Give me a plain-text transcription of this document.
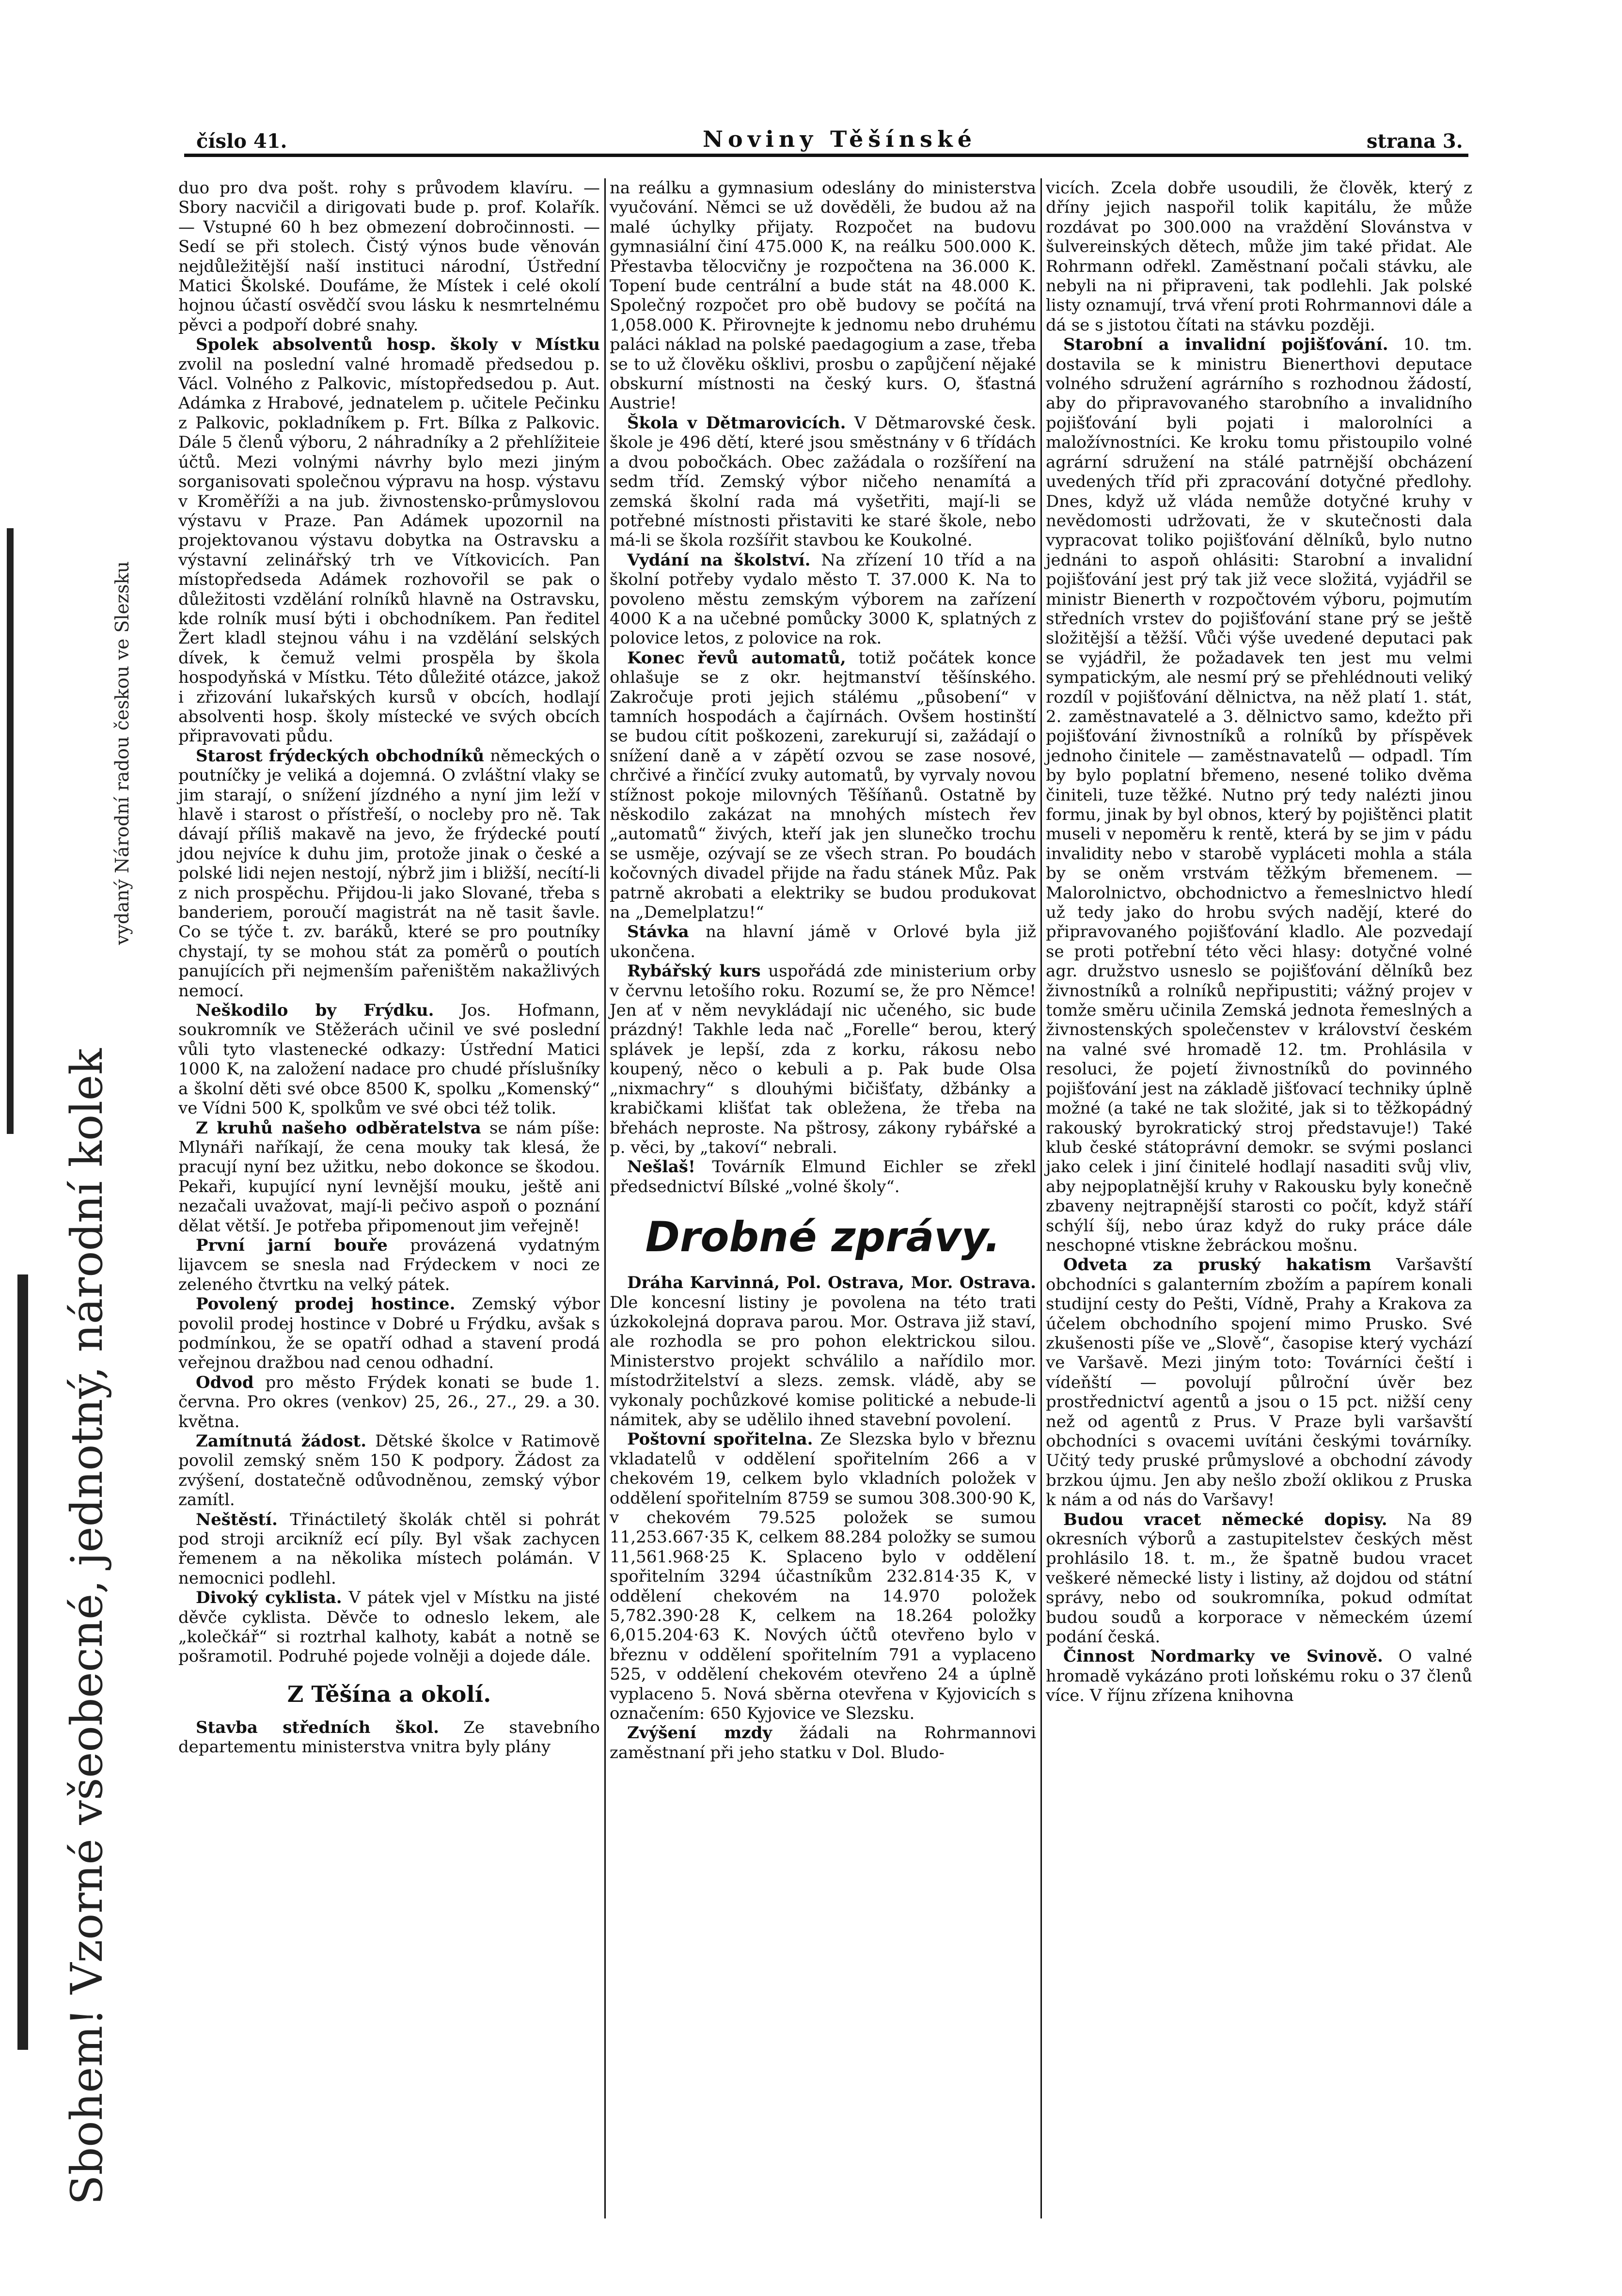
číslo 41.	Noviny Těšínské	strana 3.
Sbohem! Vzorné všeobecné, jednotný, národní kolek
vydaný Národní radou českou ve Slezsku

duo pro dva pošt. rohy s průvodem klavíru. — Sbory nacvičil a dirigovati bude p. prof. Kolařík. — Vstupné 60 h bez obmezení dobročinnosti. — Sedí se při stolech. Čistý výnos bude věnován nejdůležitější naší instituci národní, Ústřední Matici Školské. Doufáme, že Místek i celé okolí hojnou účastí osvědčí svou lásku k nesmrtelnému pěvci a podpoří dobré snahy.

Spolek absolventů hosp. školy v Místku zvolil na poslední valné hromadě předsedou p. Václ. Volného z Palkovic, místopředsedou p. Aut. Adámka z Hrabové, jednatelem p. učitele Pečinku z Palkovic, pokladníkem p. Frt. Bílka z Palkovic. Dále 5 členů výboru, 2 náhradníky a 2 přehlížiteie účtů. Mezi volnými návrhy bylo mezi jiným sorganisovati společnou výpravu na hosp. výstavu v Kroměříži a na jub. živnostensko-průmyslovou výstavu v Praze. Pan Adámek upozornil na projektovanou výstavu dobytka na Ostravsku a výstavní zelinářský trh ve Vítkovicích. Pan místopředseda Adámek rozhovořil se pak o důležitosti vzdělání rolníků hlavně na Ostravsku, kde rolník musí býti i obchodníkem. Pan ředitel Žert kladl stejnou váhu i na vzdělání selských dívek, k čemuž velmi prospěla by škola hospodyňská v Místku. Této důležité otázce, jakož i zřizování lukařských kursů v obcích, hodlají absolventi hosp. školy místecké ve svých obcích připravovati půdu.

Starost frýdeckých obchodníků německých o poutníčky je veliká a dojemná. O zvláštní vlaky se jim starají, o snížení jízdného a nyní jim leží v hlavě i starost o přístřeší, o nocleby pro ně. Tak dávají příliš makavě na jevo, že frýdecké poutí jdou nejvíce k duhu jim, protože jinak o české a polské lidi nejen nestojí, nýbrž jim i bližší, necítí-li z nich prospěchu. Přijdou-li jako Slované, třeba s banderiem, poroučí magistrát na ně tasit šavle. Co se týče t. zv. baráků, které se pro poutníky chystají, ty se mohou stát za poměrů o poutích panujících při nejmenším pařeništěm nakažlivých nemocí.

Neškodilo by Frýdku. Jos. Hofmann, soukromník ve Stěžerách učinil ve své poslední vůli tyto vlastenecké odkazy: Ústřední Matici 1000 K, na založení nadace pro chudé příslušníky a školní děti své obce 8500 K, spolku „Komenský“ ve Vídni 500 K, spolkům ve své obci též tolik.

Z kruhů našeho odběratelstva se nám píše: Mlynáři naříkají, že cena mouky tak klesá, že pracují nyní bez užitku, nebo dokonce se škodou. Pekaři, kupující nyní levnější mouku, ještě ani nezačali uvažovat, mají-li pečivo aspoň o poznání dělat větší. Je potřeba připomenout jim veřejně!

První jarní bouře provázená vydatným lijavcem se snesla nad Frýdeckem v noci ze zeleného čtvrtku na velký pátek.

Povolený prodej hostince. Zemský výbor povolil prodej hostince v Dobré u Frýdku, avšak s podmínkou, že se opatří odhad a stavení prodá veřejnou dražbou nad cenou odhadní.

Odvod pro město Frýdek konati se bude 1. června. Pro okres (venkov) 25, 26., 27., 29. a 30. května.

Zamítnutá žádost. Dětské školce v Ratimově povolil zemský sněm 150 K podpory. Žádost za zvýšení, dostatečně odůvodněnou, zemský výbor zamítl.

Neštěstí. Třináctiletý školák chtěl si pohrát pod stroji arcikníž ecí píly. Byl však zachycen řemenem a na několika místech polámán. V nemocnici podlehl.

Divoký cyklista. V pátek vjel v Místku na jisté děvče cyklista. Děvče to odneslo lekem, ale „kolečkář“ si roztrhal kalhoty, kabát a notně se pošramotil. Podruhé pojede volněji a dojede dále.

Z Těšína a okolí.

Stavba středních škol. Ze stavebního departementu ministerstva vnitra byly plány

na reálku a gymnasium odeslány do ministerstva vyučování. Němci se už dověděli, že budou až na malé úchylky přijaty. Rozpočet na budovu gymnasiální činí 475.000 K, na reálku 500.000 K. Přestavba tělocvičny je rozpočtena na 36.000 K. Topení bude centrální a bude stát na 48.000 K. Společný rozpočet pro obě budovy se počítá na 1,058.000 K. Přirovnejte k jednomu nebo druhému paláci náklad na polské paedagogium a zase, třeba se to už člověku ošklivi, prosbu o zapůjčení nějaké obskurní místnosti na český kurs. O, šťastná Austrie!

Škola v Dětmarovicích. V Dětmarovské česk. škole je 496 dětí, které jsou směstnány v 6 třídách a dvou pobočkách. Obec zažádala o rozšíření na sedm tříd. Zemský výbor ničeho nenamítá a zemská školní rada má vyšetřiti, mají-li se potřebné místnosti přistaviti ke staré škole, nebo má-li se škola rozšířit stavbou ke Koukolné.

Vydání na školství. Na zřízení 10 tříd a na školní potřeby vydalo město T. 37.000 K. Na to povoleno městu zemským výborem na zařízení 4000 K a na učebné pomůcky 3000 K, splatných z polovice letos, z polovice na rok.

Konec řevů automatů, totiž počátek konce ohlašuje se z okr. hejtmanství těšínského. Zakročuje proti jejich stálému „působení“ v tamních hospodách a čajírnách. Ovšem hostinští se budou cítit poškozeni, zarekurují si, zažádají o snížení daně a v zápětí ozvou se zase nosové, chrčivé a řinčící zvuky automatů, by vyrvaly novou stížnost pokoje milovných Těšíňanů. Ostatně by něskodilo zakázat na mnohých místech řev „automatů“ živých, kteří jak jen slunečko trochu se usměje, ozývají se ze všech stran. Po boudách kočovných divadel přijde na řadu stánek Můz. Pak patrně akrobati a elektriky se budou produkovat na „Demelplatzu!“

Stávka na hlavní jámě v Orlové byla již ukončena.

Rybářský kurs uspořádá zde ministerium orby v červnu letošího roku. Rozumí se, že pro Němce! Jen ať v něm nevykládají nic učeného, sic bude prázdný! Takhle leda nač „Forelle“ berou, který splávek je lepší, zda z korku, rákosu nebo koupený, něco o kebuli a p. Pak bude Olsa „nixmachry“ s dlouhými bičišťaty, džbánky a krabičkami klišťat tak obležena, že třeba na břehách neproste. Na pštrosy, zákony rybářské a p. věci, by „takoví“ nebrali.

Nešlaš! Továrník Elmund Eichler se zřekl předsednictví Bílské „volné školy“.

Drobné zprávy.

Dráha Karvinná, Pol. Ostrava, Mor. Ostrava. Dle koncesní listiny je povolena na této trati úzkokolejná doprava parou. Mor. Ostrava již staví, ale rozhodla se pro pohon elektrickou silou. Ministerstvo projekt schválilo a nařídilo mor. místodržitelství a slezs. zemsk. vládě, aby se vykonaly pochůzkové komise politické a nebude-li námitek, aby se udělilo ihned stavební povolení.

Poštovní spořitelna. Ze Slezska bylo v březnu vkladatelů v oddělení spořitelním 266 a v chekovém 19, celkem bylo vkladních položek v oddělení spořitelním 8759 se sumou 308.300·90 K, v chekovém 79.525 položek se sumou 11,253.667·35 K, celkem 88.284 položky se sumou 11,561.968·25 K. Splaceno bylo v oddělení spořitelním 3294 účastníkům 232.814·35 K, v oddělení chekovém na 14.970 položek 5,782.390·28 K, celkem na 18.264 položky 6,015.204·63 K. Nových účtů otevřeno bylo v březnu v oddělení spořitelním 791 a vyplaceno 525, v oddělení chekovém otevřeno 24 a úplně vyplaceno 5. Nová sběrna otevřena v Kyjovicích s označením: 650 Kyjovice ve Slezsku.

Zvýšení mzdy žádali na Rohrmannovi zaměstnaní při jeho statku v Dol. Bludo-

vicích. Zcela dobře usoudili, že člověk, který z dříny jejich naspořil tolik kapitálu, že může rozdávat po 300.000 na vraždění Slovánstva v šulvereinských dětech, může jim také přidat. Ale Rohrmann odřekl. Zaměstnaní počali stávku, ale nebyli na ni připraveni, tak podlehli. Jak polské listy oznamují, trvá vření proti Rohrmannovi dále a dá se s jistotou čítati na stávku později.

Starobní a invalidní pojišťování. 10. tm. dostavila se k ministru Bienerthovi deputace volného sdružení agrárního s rozhodnou žádostí, aby do připravovaného starobního a invalidního pojišťování byli pojati i malorolníci a maložívnostníci. Ke kroku tomu přistoupilo volné agrární sdružení na stálé patrnější obcházení uvedených tříd při zpracování dotyčné předlohy. Dnes, když už vláda nemůže dotyčné kruhy v nevědomosti udržovati, že v skutečnosti dala vypracovat toliko pojišťování dělníků, bylo nutno jednáni to aspoň ohlásiti: Starobní a invalidní pojišťování jest prý tak již vece složitá, vyjádřil se ministr Bienerth v rozpočtovém výboru, pojmutím středních vrstev do pojišťování stane prý se ještě složitější a těžší. Vůči výše uvedené deputaci pak se vyjádřil, že požadavek ten jest mu velmi sympatickým, ale nesmí prý se přehlédnouti veliký rozdíl v pojišťování dělnictva, na něž platí 1. stát, 2. zaměstnavatelé a 3. dělnictvo samo, kdežto při pojišťování živnostníků a rolníků by příspěvek jednoho činitele — zaměstnavatelů — odpadl. Tím by bylo poplatní břemeno, nesené toliko dvěma činiteli, tuze těžké. Nutno prý tedy nalézti jinou formu, jinak by byl obnos, který by pojištěnci platit museli v nepoměru k rentě, která by se jim v pádu invalidity nebo v starobě vypláceti mohla a stála by se oněm vrstvám těžkým břemenem. — Malorolnictvo, obchodnictvo a řemeslnictvo hledí už tedy jako do hrobu svých nadějí, které do připravovaného pojišťování kladlo. Ale pozvedají se proti potřební této věci hlasy: dotyčné volné agr. družstvo usneslo se pojišťování dělníků bez živnostníků a rolníků nepřipustiti; vážný projev v tomže směru učinila Zemská jednota řemeslných a živnostenských společenstev v království českém na valné své hromadě 12. tm. Prohlásila v resoluci, že pojetí živnostníků do povinného pojišťování jest na základě jišťovací techniky úplně možné (a také ne tak složité, jak si to těžkopádný rakouský byrokratický stroj představuje!) Také klub české státoprávní demokr. se svými poslanci jako celek i jiní činitelé hodlají nasaditi svůj vliv, aby nejpoplatnější kruhy v Rakousku byly konečně zbaveny nejtrapnější starosti co počít, když stáří schýlí šíj, nebo úraz když do ruky práce dále neschopné vtiskne žebráckou mošnu.

Odveta za pruský hakatism Varšavští obchodníci s galanterním zbožím a papírem konali studijní cesty do Pešti, Vídně, Prahy a Krakova za účelem obchodního spojení mimo Prusko. Své zkušenosti píše ve „Slově“, časopise který vychází ve Varšavě. Mezi jiným toto: Továrníci čeští i vídeňští — povolují půlroční úvěr bez prostřednictví agentů a jsou o 15 pct. nižší ceny než od agentů z Prus. V Praze byli varšavští obchodníci s ovacemi uvítáni českými továrníky. Učitý tedy pruské průmyslové a obchodní závody brzkou újmu. Jen aby nešlo zboží oklikou z Pruska k nám a od nás do Varšavy!

Budou vracet německé dopisy. Na 89 okresních výborů a zastupitelstev českých měst prohlásilo 18. t. m., že špatně budou vracet veškeré německé listy i listiny, až dojdou od státní správy, nebo od soukromníka, pokud odmítat budou soudů a korporace v německém území podání česká.

Činnost Nordmarky ve Svinově. O valné hromadě vykázáno proti loňskému roku o 37 členů více. V říjnu zřízena knihovna
